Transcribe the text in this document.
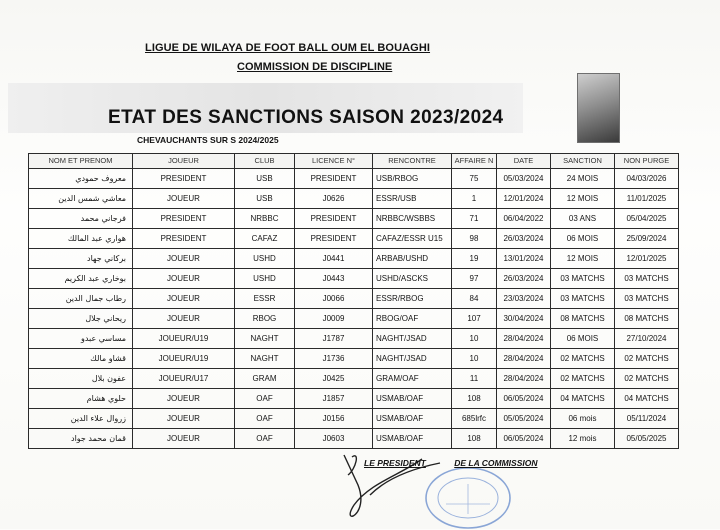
LIGUE DE WILAYA DE FOOT BALL OUM EL BOUAGHI
COMMISSION DE DISCIPLINE
ETAT DES SANCTIONS SAISON 2023/2024
CHEVAUCHANTS SUR S 2024/2025
NOM ET PRENOM	JOUEUR	CLUB	LICENCE N°	RENCONTRE	AFFAIRE N	DATE	SANCTION	NON PURGE
معروف حمودي	PRESIDENT	USB	PRESIDENT	USB/RBOG	75	05/03/2024	24 MOIS	04/03/2026
معاشي شمس الدين	JOUEUR	USB	J0626	ESSR/USB	1	12/01/2024	12 MOIS	11/01/2025
فرجاني محمد	PRESIDENT	NRBBC	PRESIDENT	NRBBC/WSBBS	71	06/04/2022	03 ANS	05/04/2025
هواري عبد المالك	PRESIDENT	CAFAZ	PRESIDENT	CAFAZ/ESSR U15	98	26/03/2024	06 MOIS	25/09/2024
بركاني جهاد	JOUEUR	USHD	J0441	ARBAB/USHD	19	13/01/2024	12 MOIS	12/01/2025
بوخاري عبد الكريم	JOUEUR	USHD	J0443	USHD/ASCKS	97	26/03/2024	03 MATCHS	03 MATCHS
رطاب جمال الدين	JOUEUR	ESSR	J0066	ESSR/RBOG	84	23/03/2024	03 MATCHS	03 MATCHS
ريحاني جلال	JOUEUR	RBOG	J0009	RBOG/OAF	107	30/04/2024	08 MATCHS	08 MATCHS
مساسي عبدو	JOUEUR/U19	NAGHT	J1787	NAGHT/JSAD	10	28/04/2024	06 MOIS	27/10/2024
قشاو مالك	JOUEUR/U19	NAGHT	J1736	NAGHT/JSAD	10	28/04/2024	02 MATCHS	02 MATCHS
عفون بلال	JOUEUR/U17	GRAM	J0425	GRAM/OAF	11	28/04/2024	02 MATCHS	02 MATCHS
حلوي هشام	JOUEUR	OAF	J1857	USMAB/OAF	108	06/05/2024	04 MATCHS	04 MATCHS
زروال علاء الدين	JOUEUR	OAF	J0156	USMAB/OAF	685lrfc	05/05/2024	06 mois	05/11/2024
قمان محمد جواد	JOUEUR	OAF	J0603	USMAB/OAF	108	06/05/2024	12 mois	05/05/2025
LE PRESIDENT	DE LA COMMISSION
